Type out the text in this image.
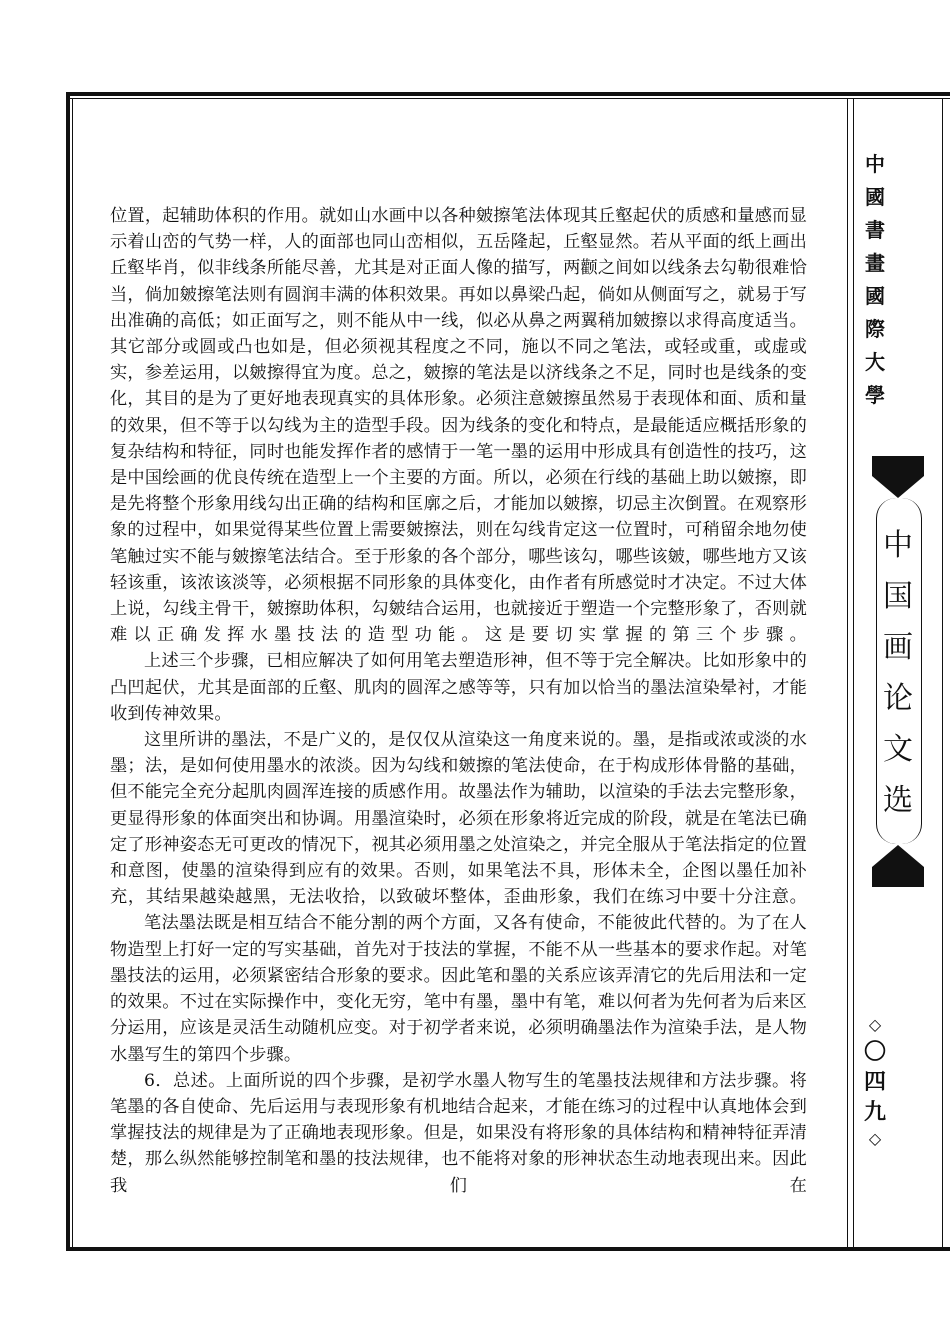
位置，起辅助体积的作用。就如山水画中以各种皴擦笔法体现其丘壑起伏的质感和量感而显示着山峦的气势一样，人的面部也同山峦相似，五岳隆起，丘壑显然。若从平面的纸上画出丘壑毕肖，似非线条所能尽善，尤其是对正面人像的描写，两颧之间如以线条去勾勒很难恰当，倘加皴擦笔法则有圆润丰满的体积效果。再如以鼻梁凸起，倘如从侧面写之，就易于写出准确的高低；如正面写之，则不能从中一线，似必从鼻之两翼稍加皴擦以求得高度适当。其它部分或圆或凸也如是，但必须视其程度之不同，施以不同之笔法，或轻或重，或虚或实，参差运用，以皴擦得宜为度。总之，皴擦的笔法是以济线条之不足，同时也是线条的变化，其目的是为了更好地表现真实的具体形象。必须注意皴擦虽然易于表现体和面、质和量的效果，但不等于以勾线为主的造型手段。因为线条的变化和特点，是最能适应概括形象的复杂结构和特征，同时也能发挥作者的感情于一笔一墨的运用中形成具有创造性的技巧，这是中国绘画的优良传统在造型上一个主要的方面。所以，必须在行线的基础上助以皴擦，即是先将整个形象用线勾出正确的结构和匡廓之后，才能加以皴擦，切忌主次倒置。在观察形象的过程中，如果觉得某些位置上需要皴擦法，则在勾线肯定这一位置时，可稍留余地勿使笔触过实不能与皴擦笔法结合。至于形象的各个部分，哪些该勾，哪些该皴，哪些地方又该轻该重，该浓该淡等，必须根据不同形象的具体变化，由作者有所感觉时才决定。不过大体上说，勾线主骨干，皴擦助体积，勾皴结合运用，也就接近于塑造一个完整形象了，否则就难以正确发挥水墨技法的造型功能。这是要切实掌握的第三个步骤。

上述三个步骤，已相应解决了如何用笔去塑造形神，但不等于完全解决。比如形象中的凸凹起伏，尤其是面部的丘壑、肌肉的圆浑之感等等，只有加以恰当的墨法渲染晕衬，才能收到传神效果。

这里所讲的墨法，不是广义的，是仅仅从渲染这一角度来说的。墨，是指或浓或淡的水墨；法，是如何使用墨水的浓淡。因为勾线和皴擦的笔法使命，在于构成形体骨骼的基础，但不能完全充分起肌肉圆浑连接的质感作用。故墨法作为辅助，以渲染的手法去完整形象，更显得形象的体面突出和协调。用墨渲染时，必须在形象将近完成的阶段，就是在笔法已确定了形神姿态无可更改的情况下，视其必须用墨之处渲染之，并完全服从于笔法指定的位置和意图，使墨的渲染得到应有的效果。否则，如果笔法不具，形体未全，企图以墨任加补充，其结果越染越黑，无法收拾，以致破坏整体，歪曲形象，我们在练习中要十分注意。

笔法墨法既是相互结合不能分割的两个方面，又各有使命，不能彼此代替的。为了在人物造型上打好一定的写实基础，首先对于技法的掌握，不能不从一些基本的要求作起。对笔墨技法的运用，必须紧密结合形象的要求。因此笔和墨的关系应该弄清它的先后用法和一定的效果。不过在实际操作中，变化无穷，笔中有墨，墨中有笔，难以何者为先何者为后来区分运用，应该是灵活生动随机应变。对于初学者来说，必须明确墨法作为渲染手法，是人物水墨写生的第四个步骤。

6．总述。上面所说的四个步骤，是初学水墨人物写生的笔墨技法规律和方法步骤。将笔墨的各自使命、先后运用与表现形象有机地结合起来，才能在练习的过程中认真地体会到掌握技法的规律是为了正确地表现形象。但是，如果没有将形象的具体结构和精神特征弄清楚，那么纵然能够控制笔和墨的技法规律，也不能将对象的形神状态生动地表现出来。因此我们在

中
國
書
畫
國
際
大
學
中
国
画
论
文
选
◇
〇
四
九
◇
